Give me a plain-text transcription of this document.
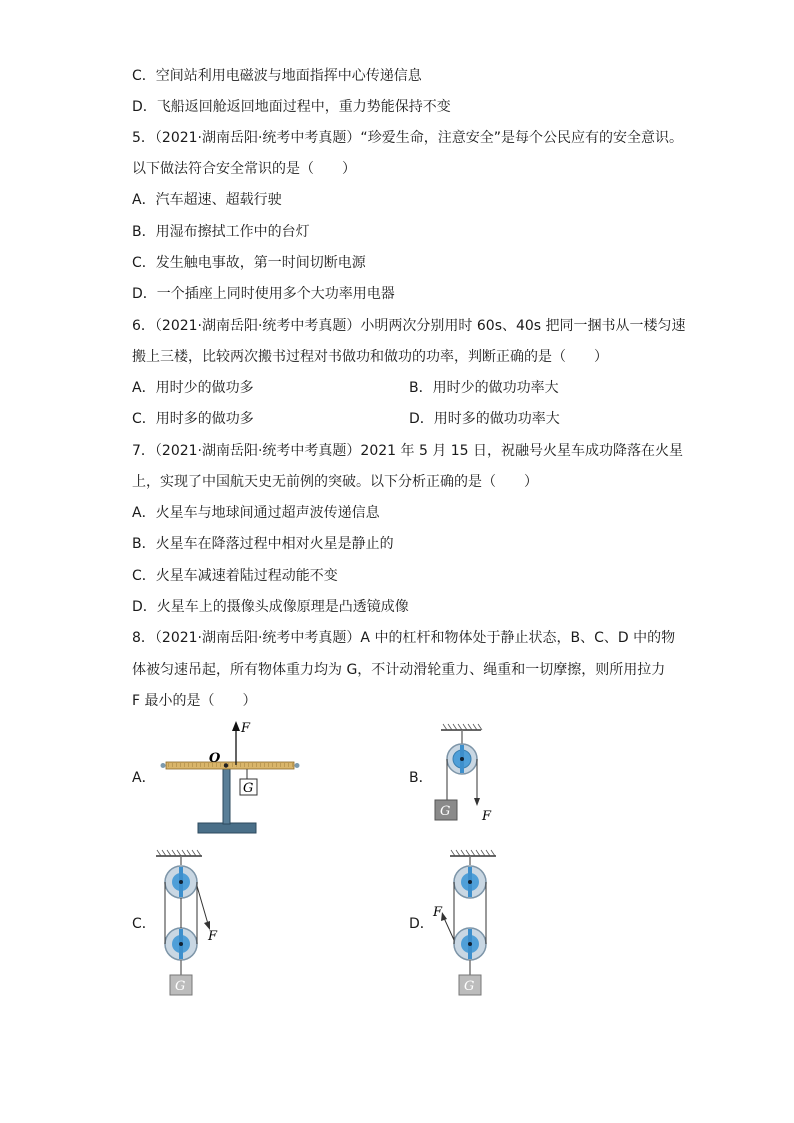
C．空间站利用电磁波与地面指挥中心传递信息
D．飞船返回舱返回地面过程中，重力势能保持不变
5．（2021·湖南岳阳·统考中考真题）“珍爱生命，注意安全”是每个公民应有的安全意识。
以下做法符合安全常识的是（　　）
A．汽车超速、超载行驶
B．用湿布擦拭工作中的台灯
C．发生触电事故，第一时间切断电源
D．一个插座上同时使用多个大功率用电器
6．（2021·湖南岳阳·统考中考真题）小明两次分别用时 60s、40s 把同一捆书从一楼匀速
搬上三楼，比较两次搬书过程对书做功和做功的功率，判断正确的是（　　）
A．用时少的做功多	B．用时少的做功功率大
C．用时多的做功多	D．用时多的做功功率大
7．（2021·湖南岳阳·统考中考真题）2021 年 5 月 15 日，祝融号火星车成功降落在火星
上，实现了中国航天史无前例的突破。以下分析正确的是（　　）
A．火星车与地球间通过超声波传递信息
B．火星车在降落过程中相对火星是静止的
C．火星车减速着陆过程动能不变
D．火星车上的摄像头成像原理是凸透镜成像
8．（2021·湖南岳阳·统考中考真题）A 中的杠杆和物体处于静止状态，B、C、D 中的物
体被匀速吊起，所有物体重力均为 G，不计动滑轮重力、绳重和一切摩擦，则所用拉力
F 最小的是（　　）
A．	B．
C．	D．
O
F
G
G F
F
G
F
G
